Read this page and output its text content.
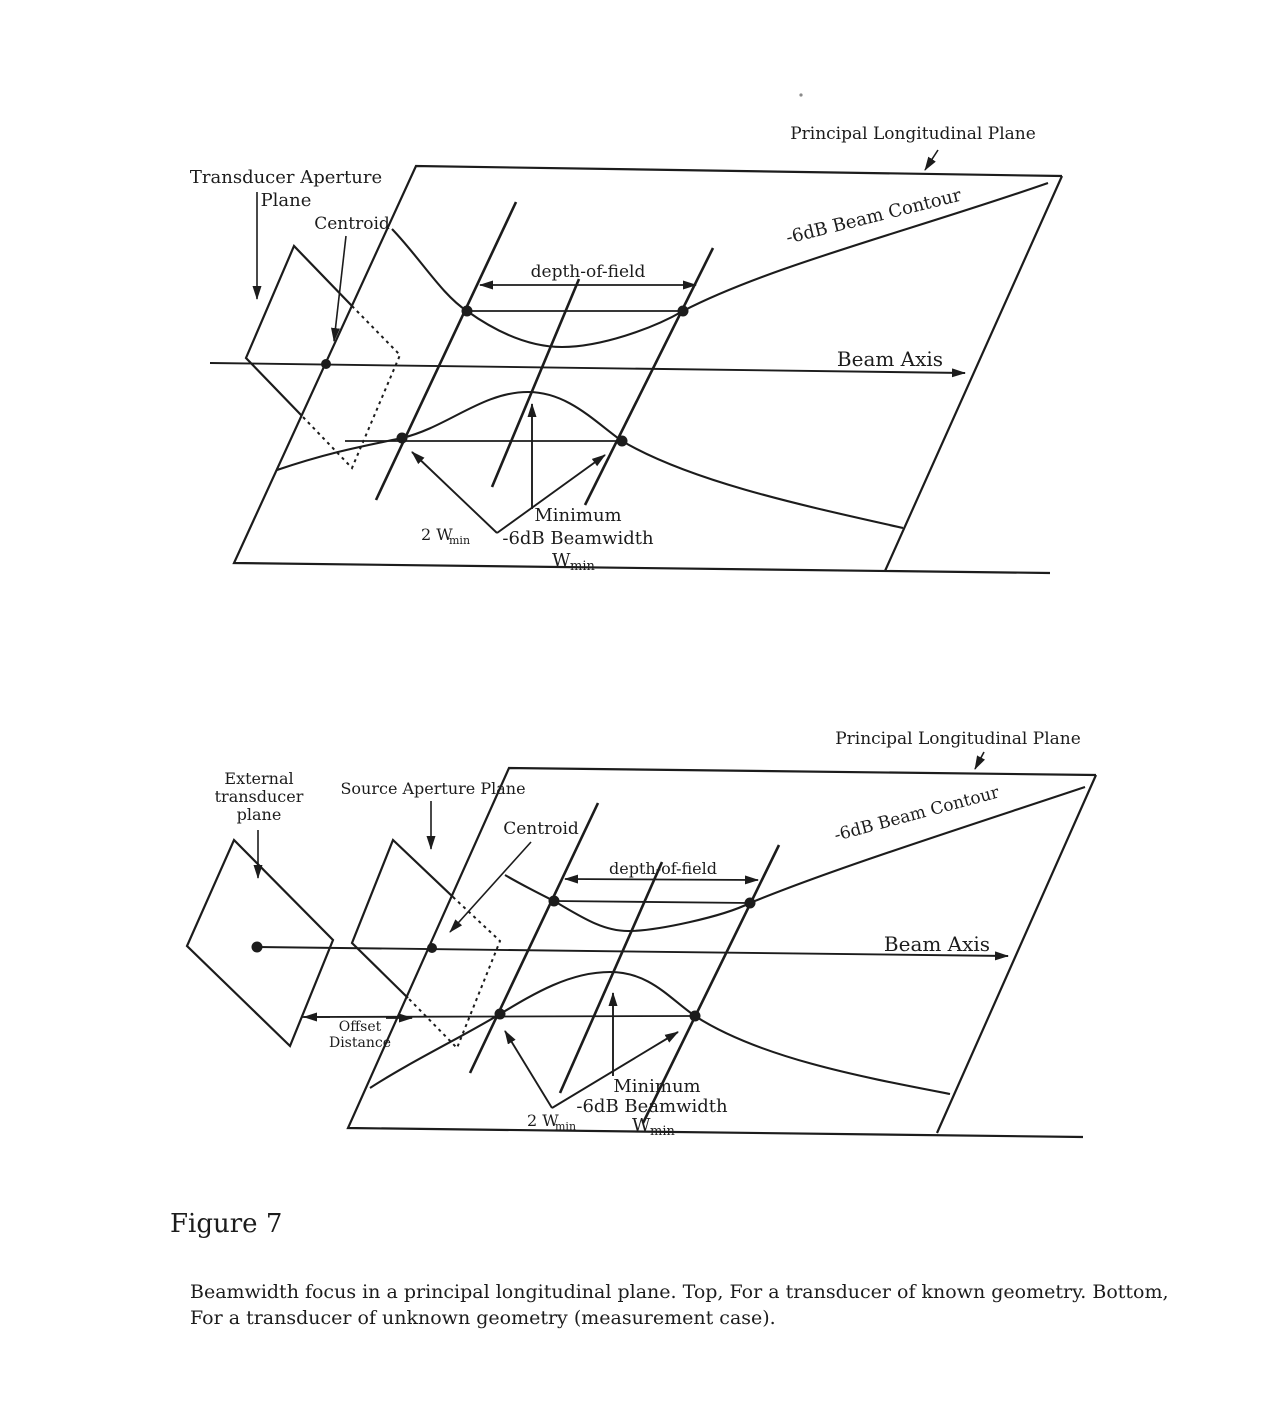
Transducer Aperture
Plane
Centroid
Principal Longitudinal Plane
-6dB Beam Contour
Beam Axis
depth-of-field
Minimum
-6dB Beamwidth
W min
2 W
min
External
transducer
plane
Source Aperture Plane
Centroid
Principal Longitudinal Plane
-6dB Beam Contour
Beam Axis
depth-of-field
Offset
Distance
Minimum
-6dB Beamwidth
W min
2 W
min
Figure 7
Beamwidth focus in a principal longitudinal plane. Top, For a transducer of known geometry. Bottom,
For a transducer of unknown geometry (measurement case).
